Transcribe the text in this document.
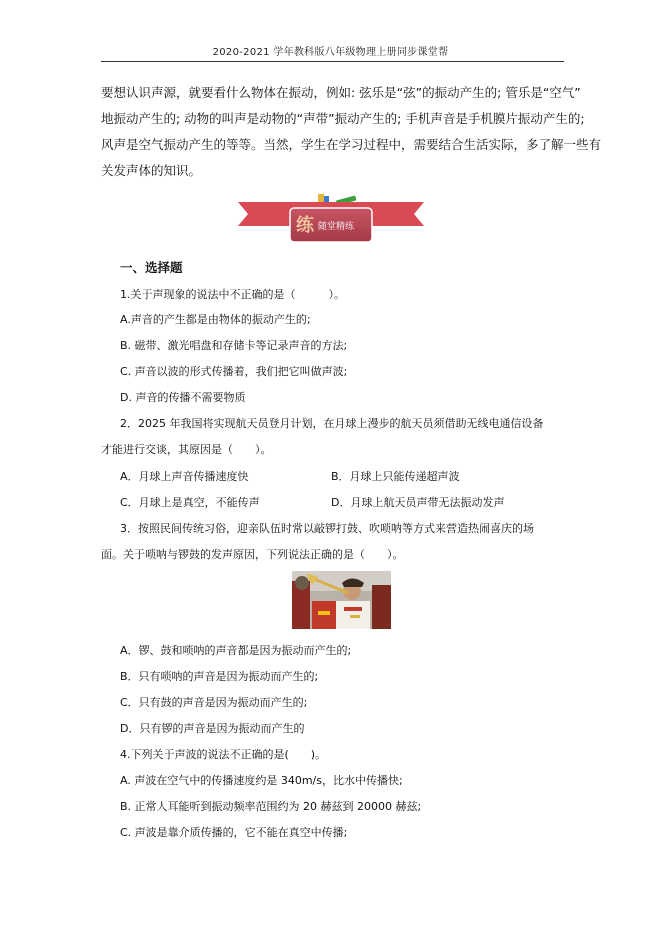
2020-2021 学年教科版八年级物理上册同步课堂帮
要想认识声源，就要看什么物体在振动，例如: 弦乐是“弦”的振动产生的; 管乐是“空气”
地振动产生的; 动物的叫声是动物的“声带”振动产生的; 手机声音是手机膜片振动产生的;
风声是空气振动产生的等等。当然，学生在学习过程中，需要结合生活实际，多了解一些有
关发声体的知识。
练 随堂精练
一、选择题
1.关于声现象的说法中不正确的是（　　　）。
A.声音的产生都是由物体的振动产生的;
B. 磁带、激光唱盘和存储卡等记录声音的方法;
C. 声音以波的形式传播着，我们把它叫做声波;
D. 声音的传播不需要物质
2．2025 年我国将实现航天员登月计划，在月球上漫步的航天员须借助无线电通信设备
才能进行交谈，其原因是（　　）。
A．月球上声音传播速度快	B．月球上只能传递超声波
C．月球上是真空，不能传声	D．月球上航天员声带无法振动发声
3．按照民间传统习俗，迎亲队伍时常以敲锣打鼓、吹唢呐等方式来营造热闹喜庆的场
面。关于唢呐与锣鼓的发声原因，下列说法正确的是（　　）。
A．锣、鼓和唢呐的声音都是因为振动而产生的;
B．只有唢呐的声音是因为振动而产生的;
C．只有鼓的声音是因为振动而产生的;
D．只有锣的声音是因为振动而产生的
4.下列关于声波的说法不正确的是(　　)。
A. 声波在空气中的传播速度约是 340m/s，比水中传播快;
B. 正常人耳能听到振动频率范围约为 20 赫兹到 20000 赫兹;
C. 声波是靠介质传播的，它不能在真空中传播;
